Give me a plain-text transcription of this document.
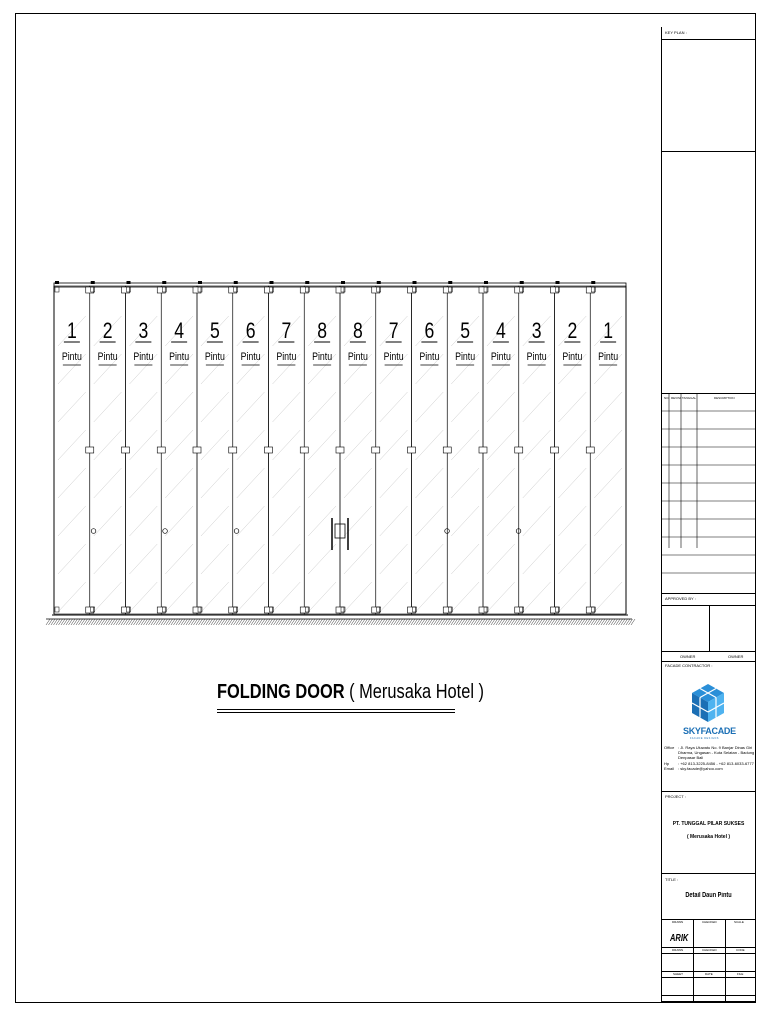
1
Pintu
2
Pintu
3
Pintu
4
Pintu
5
Pintu
6
Pintu
7
Pintu
8
Pintu
8
Pintu
7
Pintu
6
Pintu
5
Pintu
4
Pintu
3
Pintu
2
Pintu
1
Pintu
FOLDING DOOR ( Merusaka Hotel )
KEY PLAN :
NO. REVISI TANGGAL	DESCRIPTION
APPROVED BY :
OWNER	OWNER
FACADE CONTRACTOR :
PROJECT :
TITLE :
DRAWN	CHECKED	SCALE
DRAWN	CHECKED	CODE
SHEET	DATE	FILE
SKYFACADE
FACADE DESIGNS
Office : Jl. Raya Uluwatu No. 9 Banjar Dinas Giri
Dharma, Ungasan - Kuta Selatan - Badung
Denpasar Bali
Hp : +62 813-3225-8456 - +62 813-6033-6777
Email : sky.facade@yahoo.com
PT. TUNGGAL PILAR SUKSES
( Merusaka Hotel )
Detail Daun Pintu
ARIK
